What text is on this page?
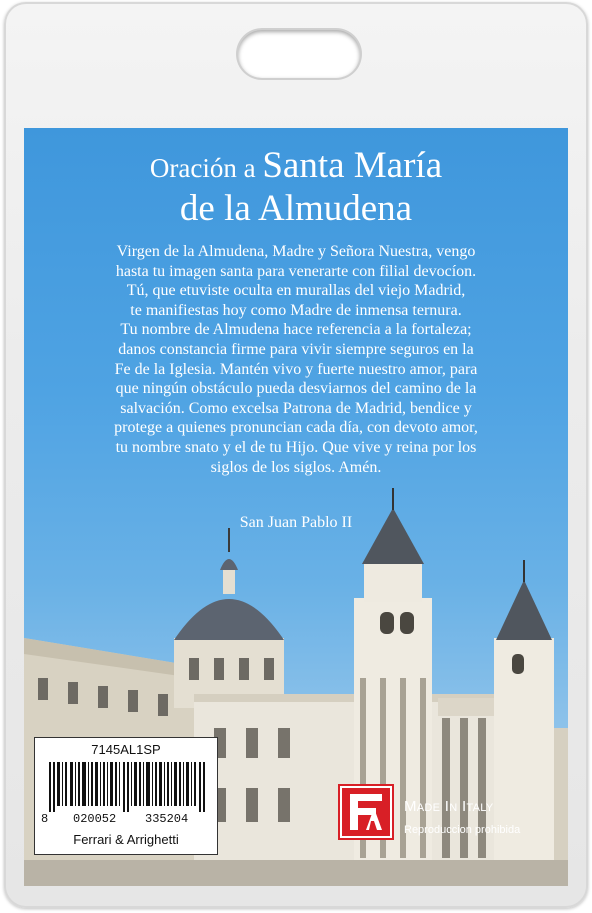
Oración a Santa María
de la Almudena
Virgen de la Almudena, Madre y Señora Nuestra, vengo
hasta tu imagen santa para venerarte con filial devocíon.
Tú, que etuviste oculta en murallas del viejo Madrid,
te manifiestas hoy como Madre de inmensa ternura.
Tu nombre de Almudena hace referencia a la fortaleza;
danos constancia firme para vivir siempre seguros en la
Fe de la Iglesia. Mantén vivo y fuerte nuestro amor, para
que ningún obstáculo pueda desviarnos del camino de la
salvación. Como excelsa Patrona de Madrid, bendice y
protege a quienes pronuncian cada día, con devoto amor,
tu nombre snato y el de tu Hijo. Que vive y reina por los
siglos de los siglos. Amén.
San Juan Pablo II
7145AL1SP
8 020052 335204
Ferrari & Arrighetti
MADE IN ITALY
Reproduccion prohibida
